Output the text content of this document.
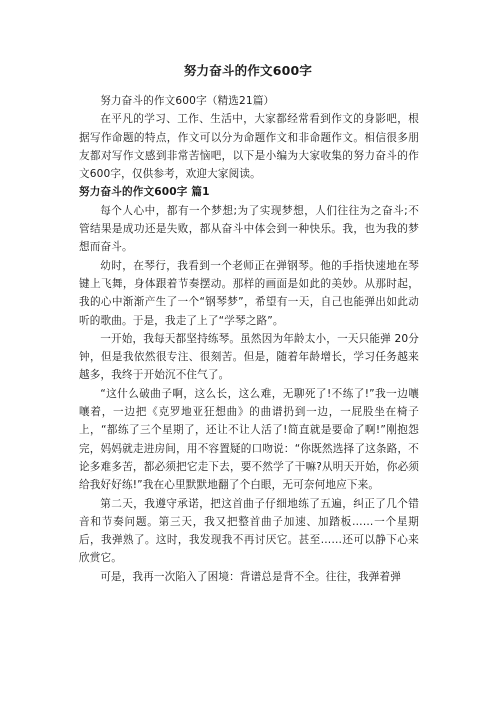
努力奋斗的作文600字

努力奋斗的作文600字（精选21篇）

在平凡的学习、工作、生活中，大家都经常看到作文的身影吧，根据写作命题的特点，作文可以分为命题作文和非命题作文。相信很多朋友都对写作文感到非常苦恼吧，以下是小编为大家收集的努力奋斗的作文600字，仅供参考，欢迎大家阅读。

努力奋斗的作文600字 篇1

每个人心中，都有一个梦想;为了实现梦想，人们往往为之奋斗;不管结果是成功还是失败，都从奋斗中体会到一种快乐。我，也为我的梦想而奋斗。

幼时，在琴行，我看到一个老师正在弹钢琴。他的手指快速地在琴键上飞舞，身体跟着节奏摆动。那样的画面是如此的美妙。从那时起，我的心中渐渐产生了一个“钢琴梦”，希望有一天，自己也能弹出如此动听的歌曲。于是，我走了上了“学琴之路”。

一开始，我每天都坚持练琴。虽然因为年龄太小，一天只能弹 20分钟，但是我依然很专注、很刻苦。但是，随着年龄增长，学习任务越来越多，我终于开始沉不住气了。

“这什么破曲子啊，这么长，这么难，无聊死了!不练了!”我一边嚷嚷着，一边把《克罗地亚狂想曲》的曲谱扔到一边，一屁股坐在椅子上，“都练了三个星期了，还让不让人活了!简直就是要命了啊!”刚抱怨完，妈妈就走进房间，用不容置疑的口吻说：“你既然选择了这条路，不论多难多苦，都必须把它走下去，要不然学了干嘛?从明天开始，你必须给我好好练!”我在心里默默地翻了个白眼，无可奈何地应下来。

第二天，我遵守承诺，把这首曲子仔细地练了五遍，纠正了几个错音和节奏问题。第三天，我又把整首曲子加速、加踏板……一个星期后，我弹熟了。这时，我发现我不再讨厌它。甚至……还可以静下心来欣赏它。

可是，我再一次陷入了困境：背谱总是背不全。往往，我弹着弹
